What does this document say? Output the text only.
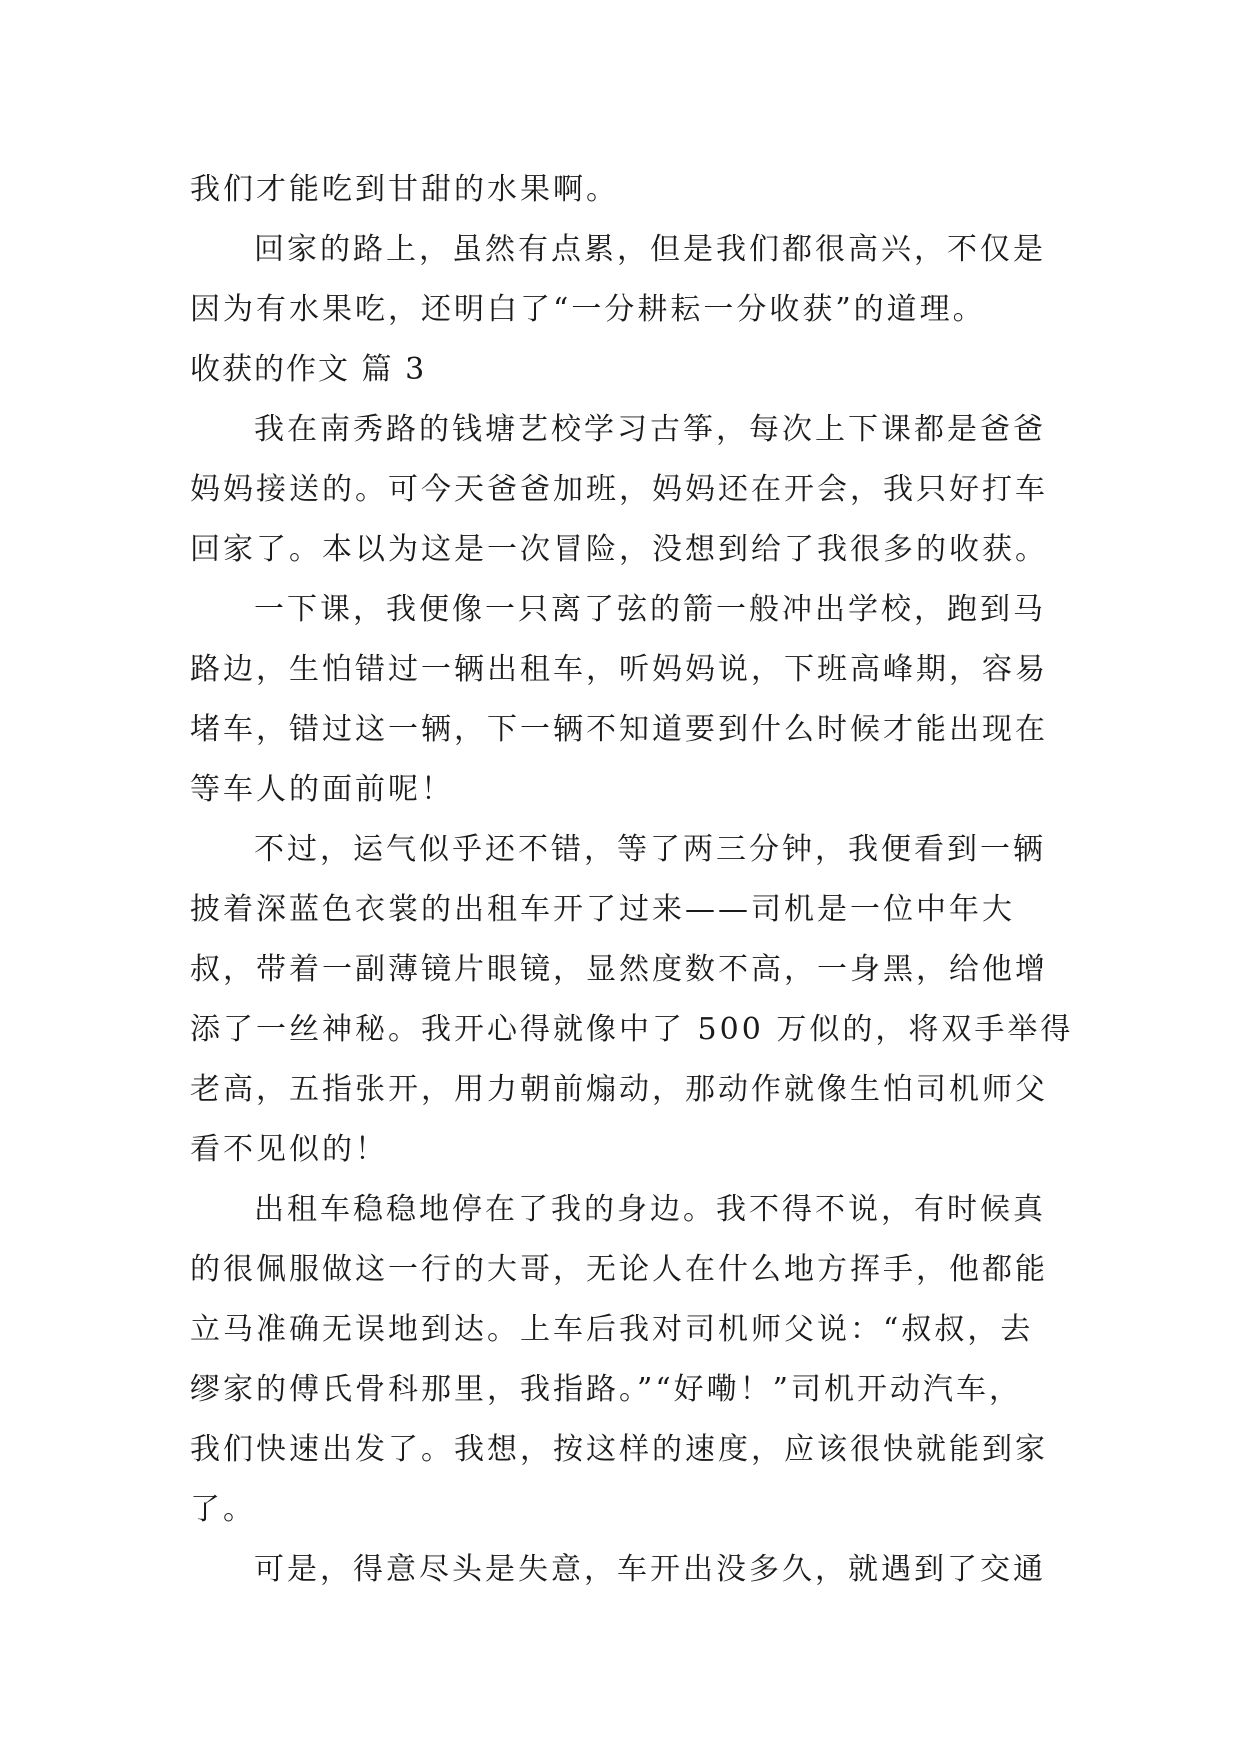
我们才能吃到甘甜的水果啊。
回家的路上，虽然有点累，但是我们都很高兴，不仅是
因为有水果吃，还明白了“一分耕耘一分收获”的道理。
收获的作文 篇 3
我在南秀路的钱塘艺校学习古筝，每次上下课都是爸爸
妈妈接送的。可今天爸爸加班，妈妈还在开会，我只好打车
回家了。本以为这是一次冒险，没想到给了我很多的收获。
一下课，我便像一只离了弦的箭一般冲出学校，跑到马
路边，生怕错过一辆出租车，听妈妈说，下班高峰期，容易
堵车，错过这一辆，下一辆不知道要到什么时候才能出现在
等车人的面前呢！
不过，运气似乎还不错，等了两三分钟，我便看到一辆
披着深蓝色衣裳的出租车开了过来——司机是一位中年大
叔，带着一副薄镜片眼镜，显然度数不高，一身黑，给他增
添了一丝神秘。我开心得就像中了 500 万似的，将双手举得
老高，五指张开，用力朝前煽动，那动作就像生怕司机师父
看不见似的！
出租车稳稳地停在了我的身边。我不得不说，有时候真
的很佩服做这一行的大哥，无论人在什么地方挥手，他都能
立马准确无误地到达。上车后我对司机师父说：“叔叔，去
缪家的傅氏骨科那里，我指路。”“好嘞！”司机开动汽车，
我们快速出发了。我想，按这样的速度，应该很快就能到家
了。
可是，得意尽头是失意，车开出没多久，就遇到了交通
